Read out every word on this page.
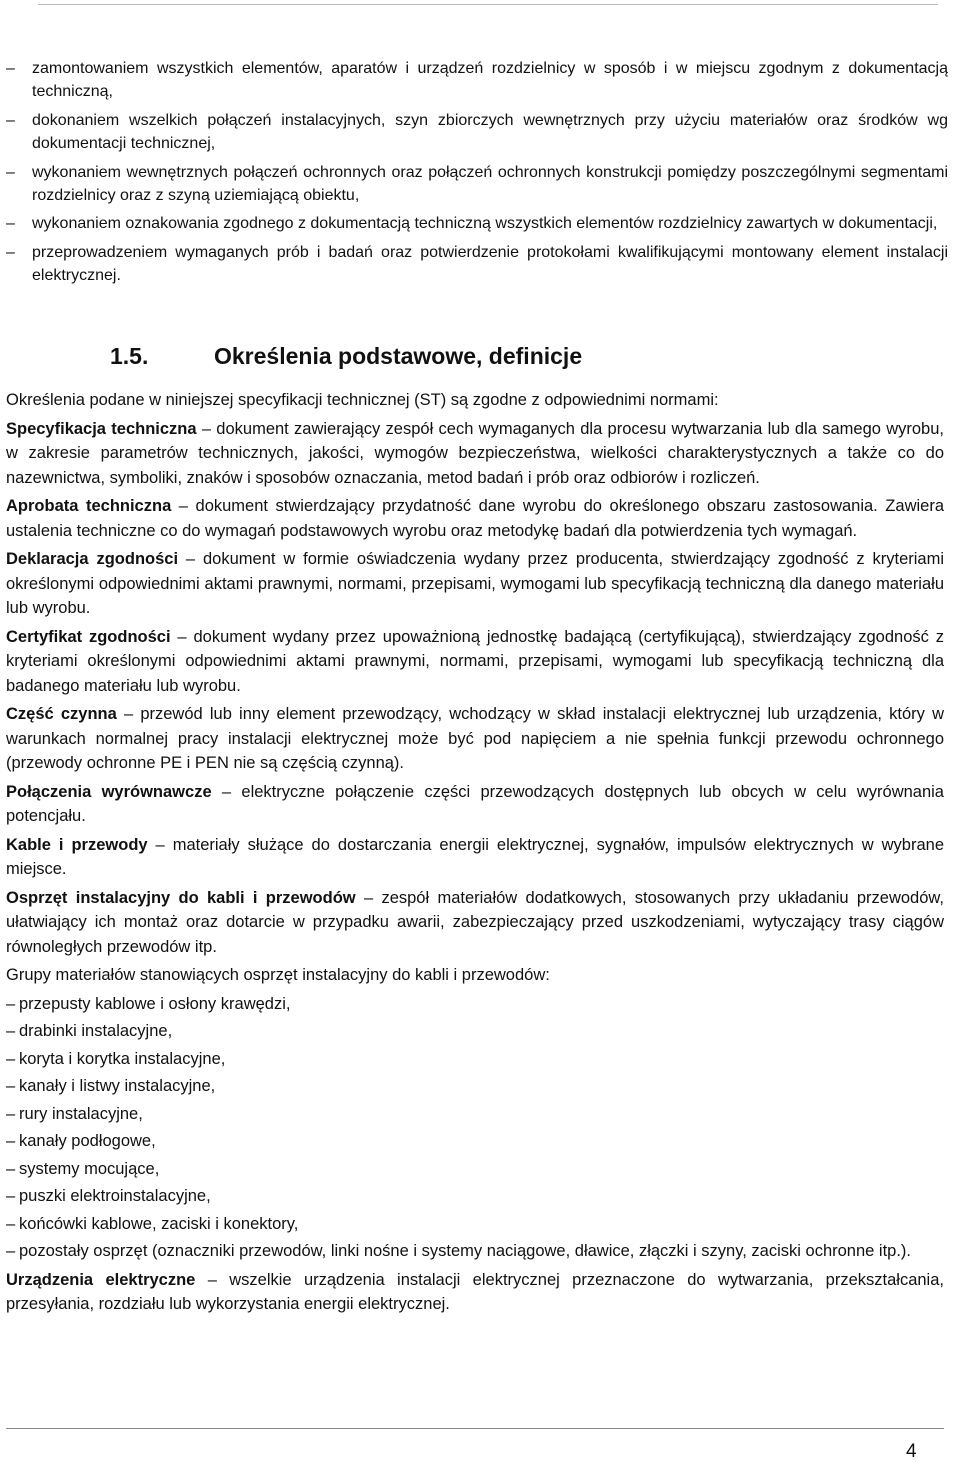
– zamontowaniem wszystkich elementów, aparatów i urządzeń rozdzielnicy w sposób i w miejscu zgodnym z dokumentacją techniczną,
– dokonaniem wszelkich połączeń instalacyjnych, szyn zbiorczych wewnętrznych przy użyciu materiałów oraz środków wg dokumentacji technicznej,
– wykonaniem wewnętrznych połączeń ochronnych oraz połączeń ochronnych konstrukcji pomiędzy poszczególnymi segmentami rozdzielnicy oraz z szyną uziemiającą obiektu,
– wykonaniem oznakowania zgodnego z dokumentacją techniczną wszystkich elementów rozdzielnicy zawartych w dokumentacji,
– przeprowadzeniem wymaganych prób i badań oraz potwierdzenie protokołami kwalifikującymi montowany element instalacji elektrycznej.
1.5.	Określenia podstawowe, definicje

Określenia podane w niniejszej specyfikacji technicznej (ST) są zgodne z odpowiednimi normami:

Specyfikacja techniczna – dokument zawierający zespół cech wymaganych dla procesu wytwarzania lub dla samego wyrobu, w zakresie parametrów technicznych, jakości, wymogów bezpieczeństwa, wielkości charakterystycznych a także co do nazewnictwa, symboliki, znaków i sposobów oznaczania, metod badań i prób oraz odbiorów i rozliczeń.

Aprobata techniczna – dokument stwierdzający przydatność dane wyrobu do określonego obszaru zastosowania. Zawiera ustalenia techniczne co do wymagań podstawowych wyrobu oraz metodykę badań dla potwierdzenia tych wymagań.

Deklaracja zgodności – dokument w formie oświadczenia wydany przez producenta, stwierdzający zgodność z kryteriami określonymi odpowiednimi aktami prawnymi, normami, przepisami, wymogami lub specyfikacją techniczną dla danego materiału lub wyrobu.

Certyfikat zgodności – dokument wydany przez upoważnioną jednostkę badającą (certyfikującą), stwierdzający zgodność z kryteriami określonymi odpowiednimi aktami prawnymi, normami, przepisami, wymogami lub specyfikacją techniczną dla badanego materiału lub wyrobu.

Część czynna – przewód lub inny element przewodzący, wchodzący w skład instalacji elektrycznej lub urządzenia, który w warunkach normalnej pracy instalacji elektrycznej może być pod napięciem a nie spełnia funkcji przewodu ochronnego (przewody ochronne PE i PEN nie są częścią czynną).

Połączenia wyrównawcze – elektryczne połączenie części przewodzących dostępnych lub obcych w celu wyrównania potencjału.

Kable i przewody – materiały służące do dostarczania energii elektrycznej, sygnałów, impulsów elektrycznych w wybrane miejsce.

Osprzęt instalacyjny do kabli i przewodów – zespół materiałów dodatkowych, stosowanych przy układaniu przewodów, ułatwiający ich montaż oraz dotarcie w przypadku awarii, zabezpieczający przed uszkodzeniami, wytyczający trasy ciągów równoległych przewodów itp.

Grupy materiałów stanowiących osprzęt instalacyjny do kabli i przewodów:

– przepusty kablowe i osłony krawędzi,
– drabinki instalacyjne,
– koryta i korytka instalacyjne,
– kanały i listwy instalacyjne,
– rury instalacyjne,
– kanały podłogowe,
– systemy mocujące,
– puszki elektroinstalacyjne,
– końcówki kablowe, zaciski i konektory,
– pozostały osprzęt (oznaczniki przewodów, linki nośne i systemy naciągowe, dławice, złączki i szyny, zaciski ochronne itp.).

Urządzenia elektryczne – wszelkie urządzenia instalacji elektrycznej przeznaczone do wytwarzania, przekształcania, przesyłania, rozdziału lub wykorzystania energii elektrycznej.

4
